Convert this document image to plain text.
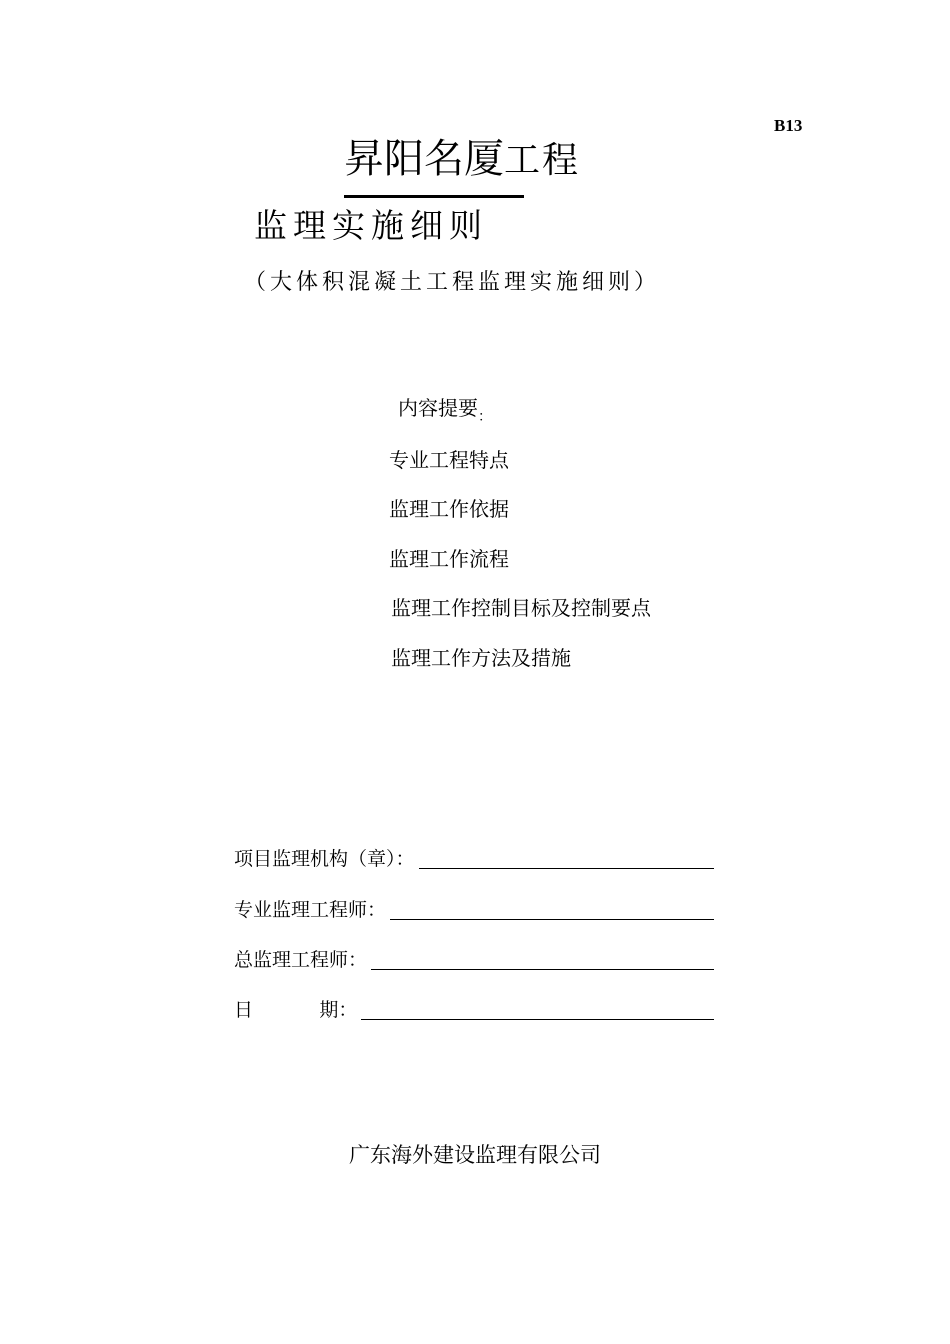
B13
昇阳名厦工程
监理实施细则
（大体积混凝土工程监理实施细则）
内容提要$_:$
专业工程特点
监理工作依据
监理工作流程
监理工作控制目标及控制要点
监理工作方法及措施
项目监理机构（章）：
专业监理工程师：
总监理工程师：
日           期：
广东海外建设监理有限公司
